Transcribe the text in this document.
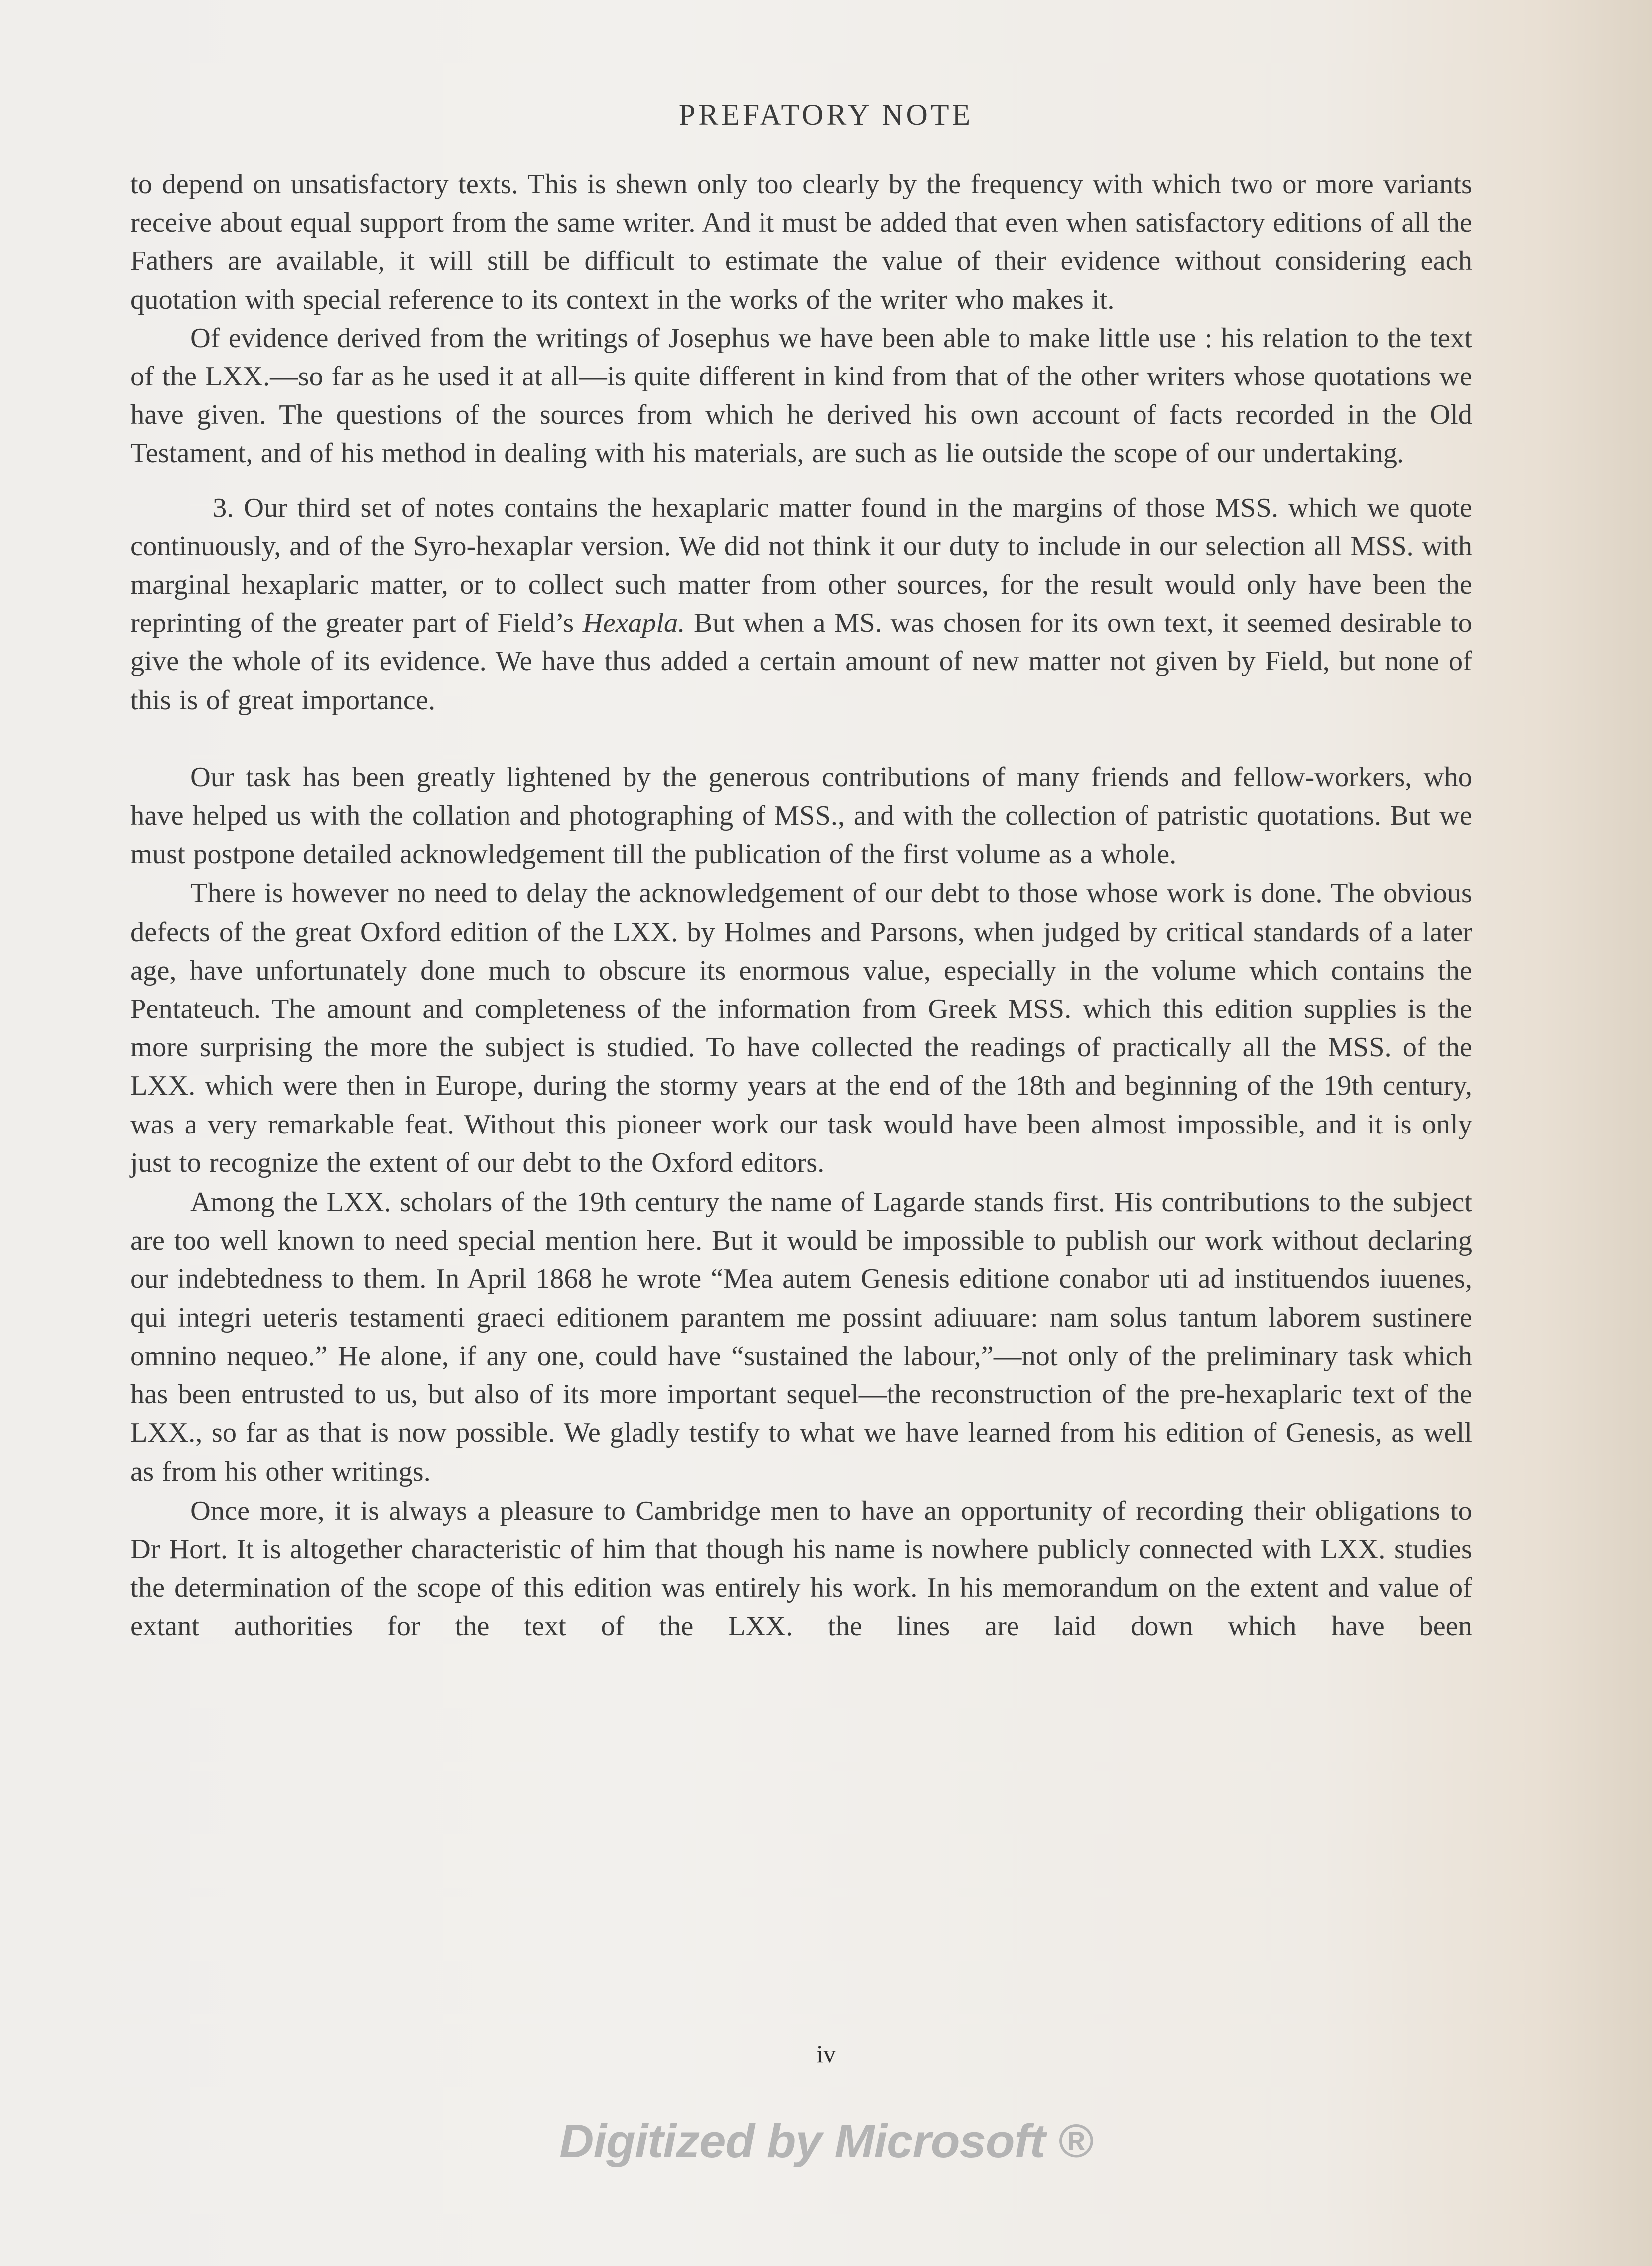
PREFATORY NOTE

to depend on unsatisfactory texts. This is shewn only too clearly by the frequency with which two or more variants receive about equal support from the same writer. And it must be added that even when satisfactory editions of all the Fathers are available, it will still be difficult to estimate the value of their evidence without considering each quotation with special reference to its context in the works of the writer who makes it.

Of evidence derived from the writings of Josephus we have been able to make little use : his relation to the text of the LXX.—so far as he used it at all—is quite different in kind from that of the other writers whose quotations we have given. The questions of the sources from which he derived his own account of facts recorded in the Old Testament, and of his method in dealing with his materials, are such as lie outside the scope of our undertaking.

3. Our third set of notes contains the hexaplaric matter found in the margins of those MSS. which we quote continuously, and of the Syro-hexaplar version. We did not think it our duty to include in our selection all MSS. with marginal hexaplaric matter, or to collect such matter from other sources, for the result would only have been the reprinting of the greater part of Field’s Hexapla. But when a MS. was chosen for its own text, it seemed desirable to give the whole of its evidence. We have thus added a certain amount of new matter not given by Field, but none of this is of great importance.

Our task has been greatly lightened by the generous contributions of many friends and fellow-workers, who have helped us with the collation and photographing of MSS., and with the collection of patristic quotations. But we must postpone detailed acknowledgement till the publication of the first volume as a whole.

There is however no need to delay the acknowledgement of our debt to those whose work is done. The obvious defects of the great Oxford edition of the LXX. by Holmes and Parsons, when judged by critical standards of a later age, have unfortunately done much to obscure its enormous value, especially in the volume which contains the Pentateuch. The amount and completeness of the information from Greek MSS. which this edition supplies is the more surprising the more the subject is studied. To have collected the readings of practically all the MSS. of the LXX. which were then in Europe, during the stormy years at the end of the 18th and beginning of the 19th century, was a very remarkable feat. Without this pioneer work our task would have been almost impossible, and it is only just to recognize the extent of our debt to the Oxford editors.

Among the LXX. scholars of the 19th century the name of Lagarde stands first. His contributions to the subject are too well known to need special mention here. But it would be impossible to publish our work without declaring our indebtedness to them. In April 1868 he wrote “Mea autem Genesis editione conabor uti ad instituendos iuuenes, qui integri ueteris testamenti graeci editionem parantem me possint adiuuare: nam solus tantum laborem sustinere omnino nequeo.” He alone, if any one, could have “sustained the labour,”—not only of the preliminary task which has been entrusted to us, but also of its more important sequel—the reconstruction of the pre-hexaplaric text of the LXX., so far as that is now possible. We gladly testify to what we have learned from his edition of Genesis, as well as from his other writings.

Once more, it is always a pleasure to Cambridge men to have an opportunity of recording their obligations to Dr Hort. It is altogether characteristic of him that though his name is nowhere publicly connected with LXX. studies the determination of the scope of this edition was entirely his work. In his memorandum on the extent and value of extant authorities for the text of the LXX. the lines are laid down which have been

iv
Digitized by Microsoft ®
